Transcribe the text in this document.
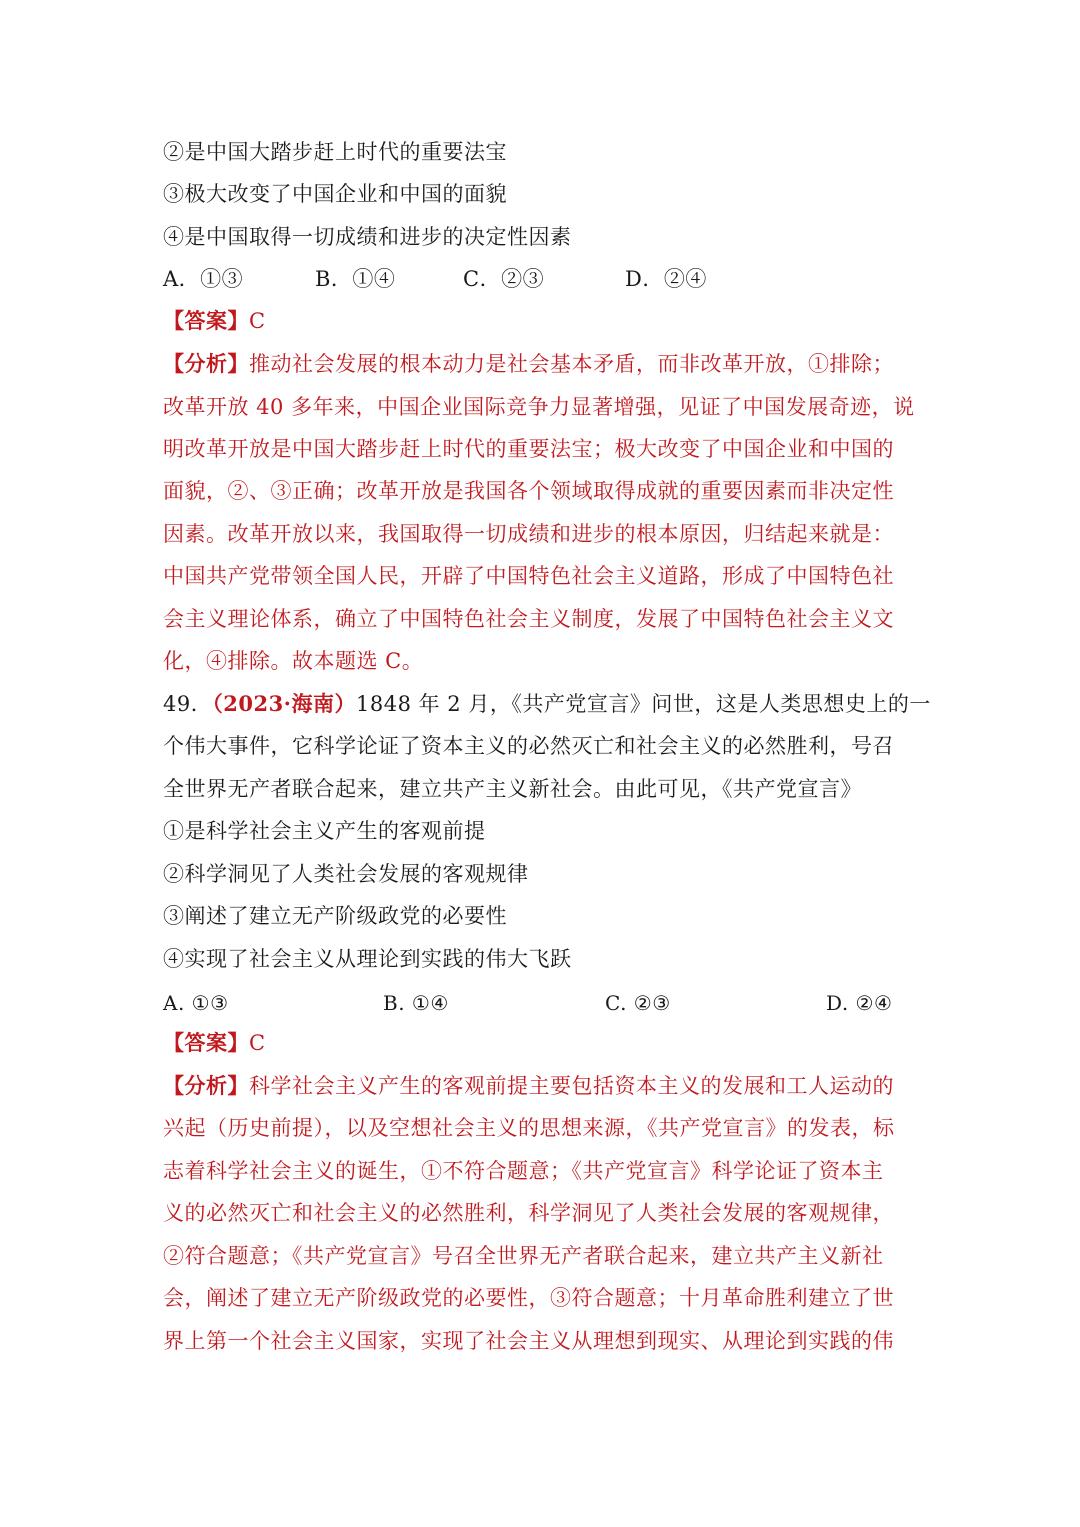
②是中国大踏步赶上时代的重要法宝
③极大改变了中国企业和中国的面貌
④是中国取得一切成绩和进步的决定性因素
A．①③	B．①④	C．②③	D．②④
【答案】C
【分析】推动社会发展的根本动力是社会基本矛盾，而非改革开放，①排除；
改革开放 40 多年来，中国企业国际竞争力显著增强，见证了中国发展奇迹，说
明改革开放是中国大踏步赶上时代的重要法宝；极大改变了中国企业和中国的
面貌，②、③正确；改革开放是我国各个领域取得成就的重要因素而非决定性
因素。改革开放以来，我国取得一切成绩和进步的根本原因，归结起来就是：
中国共产党带领全国人民，开辟了中国特色社会主义道路，形成了中国特色社
会主义理论体系，确立了中国特色社会主义制度，发展了中国特色社会主义文
化，④排除。故本题选 C。
49．（2023·海南）1848 年 2 月，《共产党宣言》问世，这是人类思想史上的一
个伟大事件，它科学论证了资本主义的必然灭亡和社会主义的必然胜利，号召
全世界无产者联合起来，建立共产主义新社会。由此可见，《共产党宣言》
①是科学社会主义产生的客观前提
②科学洞见了人类社会发展的客观规律
③阐述了建立无产阶级政党的必要性
④实现了社会主义从理论到实践的伟大飞跃
A. ①③	B. ①④	C. ②③	D. ②④
【答案】C
【分析】科学社会主义产生的客观前提主要包括资本主义的发展和工人运动的
兴起（历史前提），以及空想社会主义的思想来源，《共产党宣言》的发表，标
志着科学社会主义的诞生，①不符合题意；《共产党宣言》科学论证了资本主
义的必然灭亡和社会主义的必然胜利，科学洞见了人类社会发展的客观规律，
②符合题意；《共产党宣言》号召全世界无产者联合起来，建立共产主义新社
会，阐述了建立无产阶级政党的必要性，③符合题意；十月革命胜利建立了世
界上第一个社会主义国家，实现了社会主义从理想到现实、从理论到实践的伟
